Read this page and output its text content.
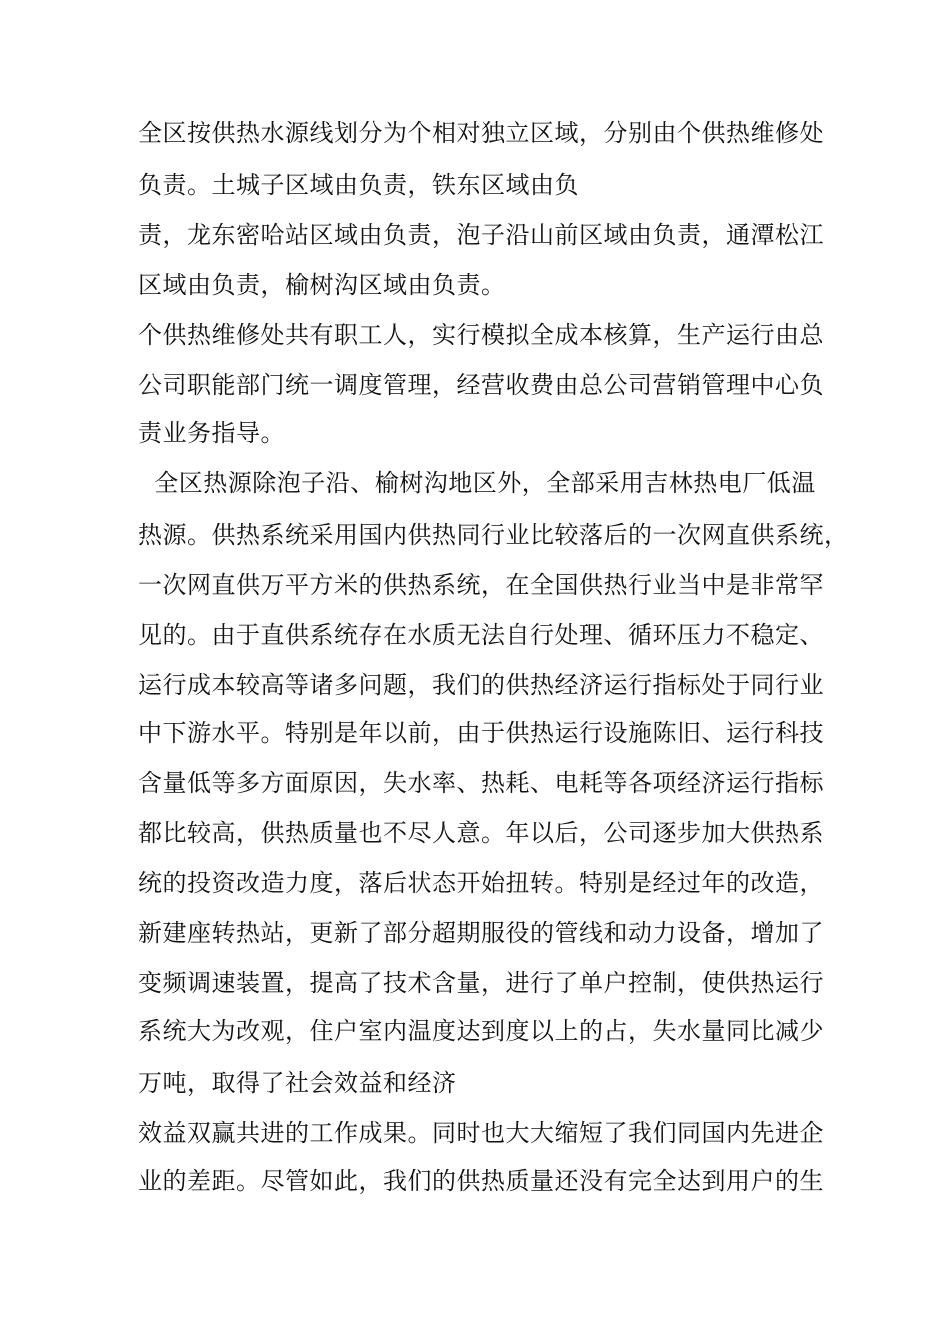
全区按供热水源线划分为个相对独立区域，分别由个供热维修处
负责。土城子区域由负责，铁东区域由负
责，龙东密哈站区域由负责，泡子沿山前区域由负责，通潭松江
区域由负责，榆树沟区域由负责。
个供热维修处共有职工人，实行模拟全成本核算，生产运行由总
公司职能部门统一调度管理，经营收费由总公司营销管理中心负
责业务指导。
全区热源除泡子沿、榆树沟地区外，全部采用吉林热电厂低温
热源。供热系统采用国内供热同行业比较落后的一次网直供系统，
一次网直供万平方米的供热系统，在全国供热行业当中是非常罕
见的。由于直供系统存在水质无法自行处理、循环压力不稳定、
运行成本较高等诸多问题，我们的供热经济运行指标处于同行业
中下游水平。特别是年以前，由于供热运行设施陈旧、运行科技
含量低等多方面原因，失水率、热耗、电耗等各项经济运行指标
都比较高，供热质量也不尽人意。年以后，公司逐步加大供热系
统的投资改造力度，落后状态开始扭转。特别是经过年的改造，
新建座转热站，更新了部分超期服役的管线和动力设备，增加了
变频调速装置，提高了技术含量，进行了单户控制，使供热运行
系统大为改观，住户室内温度达到度以上的占，失水量同比减少
万吨，取得了社会效益和经济
效益双赢共进的工作成果。同时也大大缩短了我们同国内先进企
业的差距。尽管如此，我们的供热质量还没有完全达到用户的生
